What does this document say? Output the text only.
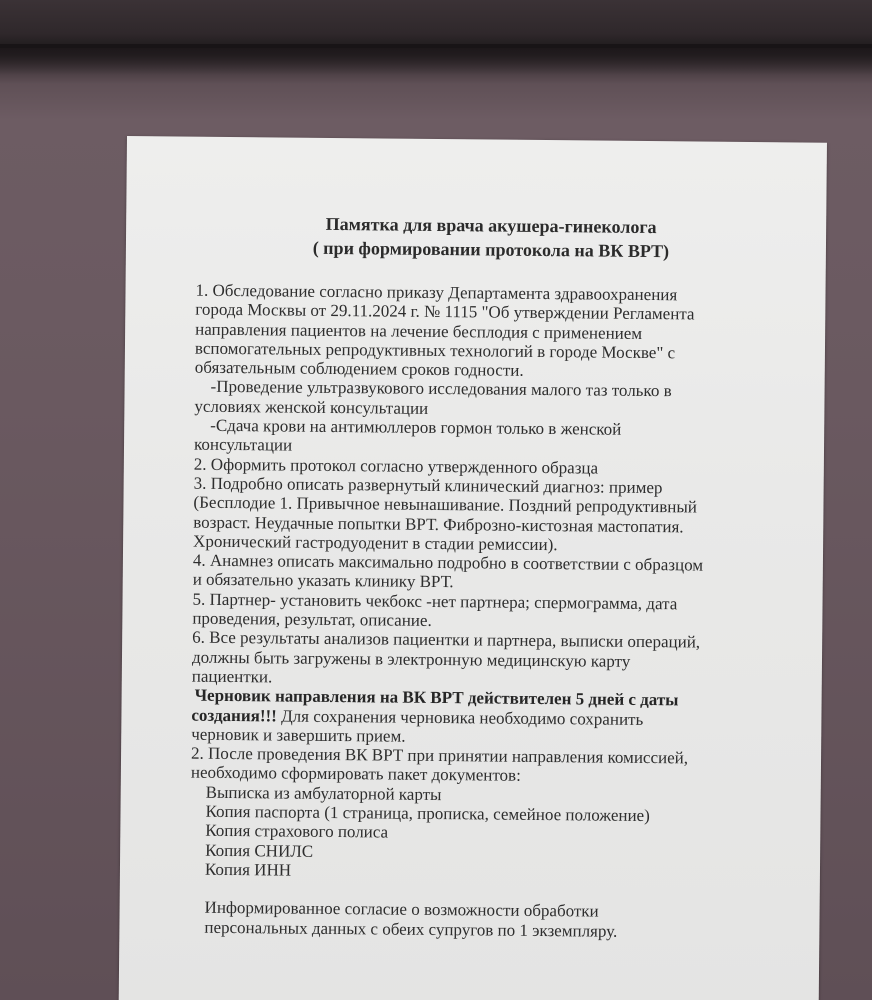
Памятка для врача акушера-гинеколога
( при формировании протокола на ВК ВРТ)
1. Обследование согласно приказу Департамента здравоохранения
города Москвы от 29.11.2024 г. № 1115 "Об утверждении Регламента
направления пациентов на лечение бесплодия с применением
вспомогательных репродуктивных технологий в городе Москве" с
обязательным соблюдением сроков годности.
-Проведение ультразвукового исследования малого таз только в
условиях женской консультации
-Сдача крови на антимюллеров гормон только в женской
консультации
2. Оформить протокол согласно утвержденного образца
3. Подробно описать развернутый клинический диагноз: пример
(Бесплодие 1. Привычное невынашивание. Поздний репродуктивный
возраст. Неудачные попытки ВРТ. Фиброзно-кистозная мастопатия.
Хронический гастродуоденит в стадии ремиссии).
4. Анамнез описать максимально подробно в соответствии с образцом
и обязательно указать клинику ВРТ.
5. Партнер- установить чекбокс -нет партнера; спермограмма, дата
проведения, результат, описание.
6. Все результаты анализов пациентки и партнера, выписки операций,
должны быть загружены в электронную медицинскую карту
пациентки.
Черновик направления на ВК ВРТ действителен 5 дней с даты
создания!!! Для сохранения черновика необходимо сохранить
черновик и завершить прием.
2. После проведения ВК ВРТ при принятии направления комиссией,
необходимо сформировать пакет документов:
Выписка из амбулаторной карты
Копия паспорта (1 страница, прописка, семейное положение)
Копия страхового полиса
Копия СНИЛС
Копия ИНН
Информированное согласие о возможности обработки
персональных данных с обеих супругов по 1 экземпляру.
